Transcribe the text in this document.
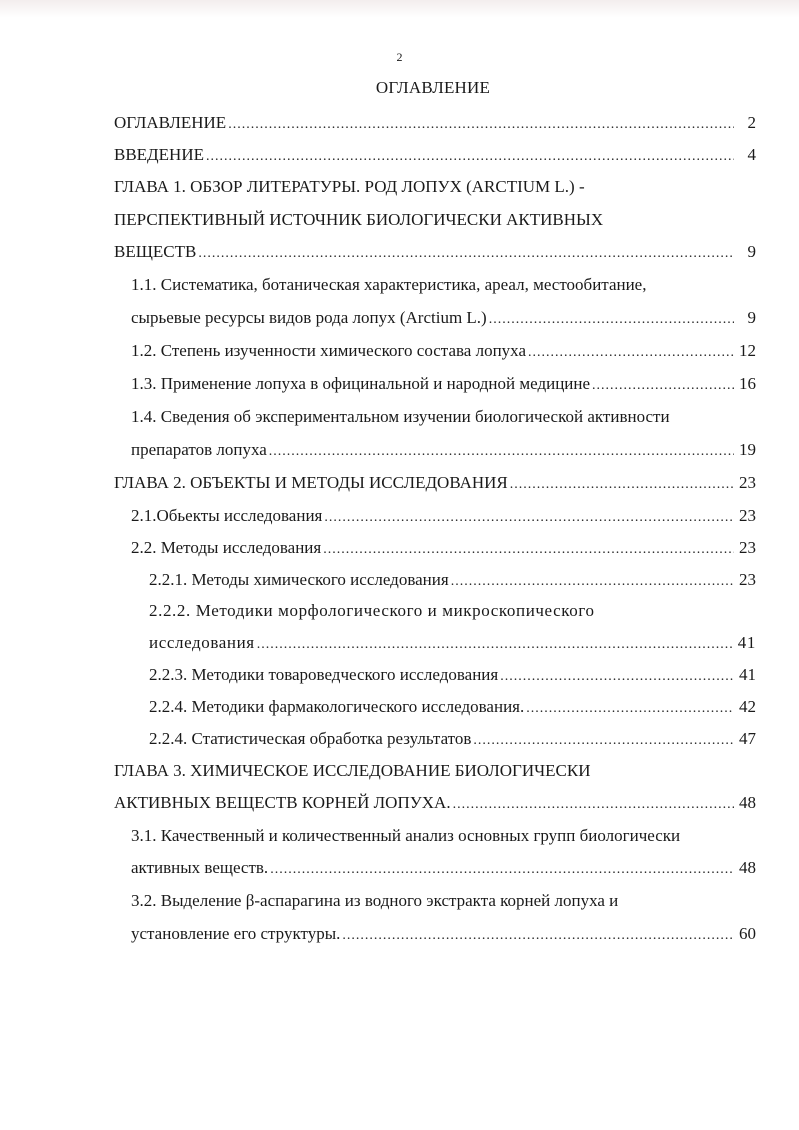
2
ОГЛАВЛЕНИЕ
ОГЛАВЛЕНИЕ .....	2
ВВЕДЕНИЕ .....	4
ГЛАВА 1. ОБЗОР ЛИТЕРАТУРЫ. РОД ЛОПУХ (ARCTIUM L.) -
ПЕРСПЕКТИВНЫЙ ИСТОЧНИК БИОЛОГИЧЕСКИ АКТИВНЫХ
ВЕЩЕСТВ .....	9
1.1. Систематика, ботаническая характеристика, ареал, местообитание,
сырьевые ресурсы видов рода лопух (Arctium L.) .....	9
1.2. Степень изученности химического состава лопуха .....	12
1.3. Применение лопуха в официнальной и народной медицине .....	16
1.4. Сведения об экспериментальном изучении биологической активности
препаратов лопуха .....	19
ГЛАВА 2. ОБЪЕКТЫ И МЕТОДЫ ИССЛЕДОВАНИЯ .....	23
2.1.Обьекты исследования .....	23
2.2. Методы исследования .....	23
2.2.1. Методы химического исследования .....	23
2.2.2. Методики морфологического и микроскопического
исследования .....	41
2.2.3. Методики товароведческого исследования .....	41
2.2.4. Методики фармакологического исследования. .....	42
2.2.4. Статистическая обработка результатов .....	47
ГЛАВА 3. ХИМИЧЕСКОЕ ИССЛЕДОВАНИЕ БИОЛОГИЧЕСКИ
АКТИВНЫХ ВЕЩЕСТВ КОРНЕЙ ЛОПУХА. .....	48
3.1. Качественный и количественный анализ основных групп биологически
активных веществ. .....	48
3.2. Выделение β-аспарагина из водного экстракта корней лопуха и
установление его структуры. .....	60
